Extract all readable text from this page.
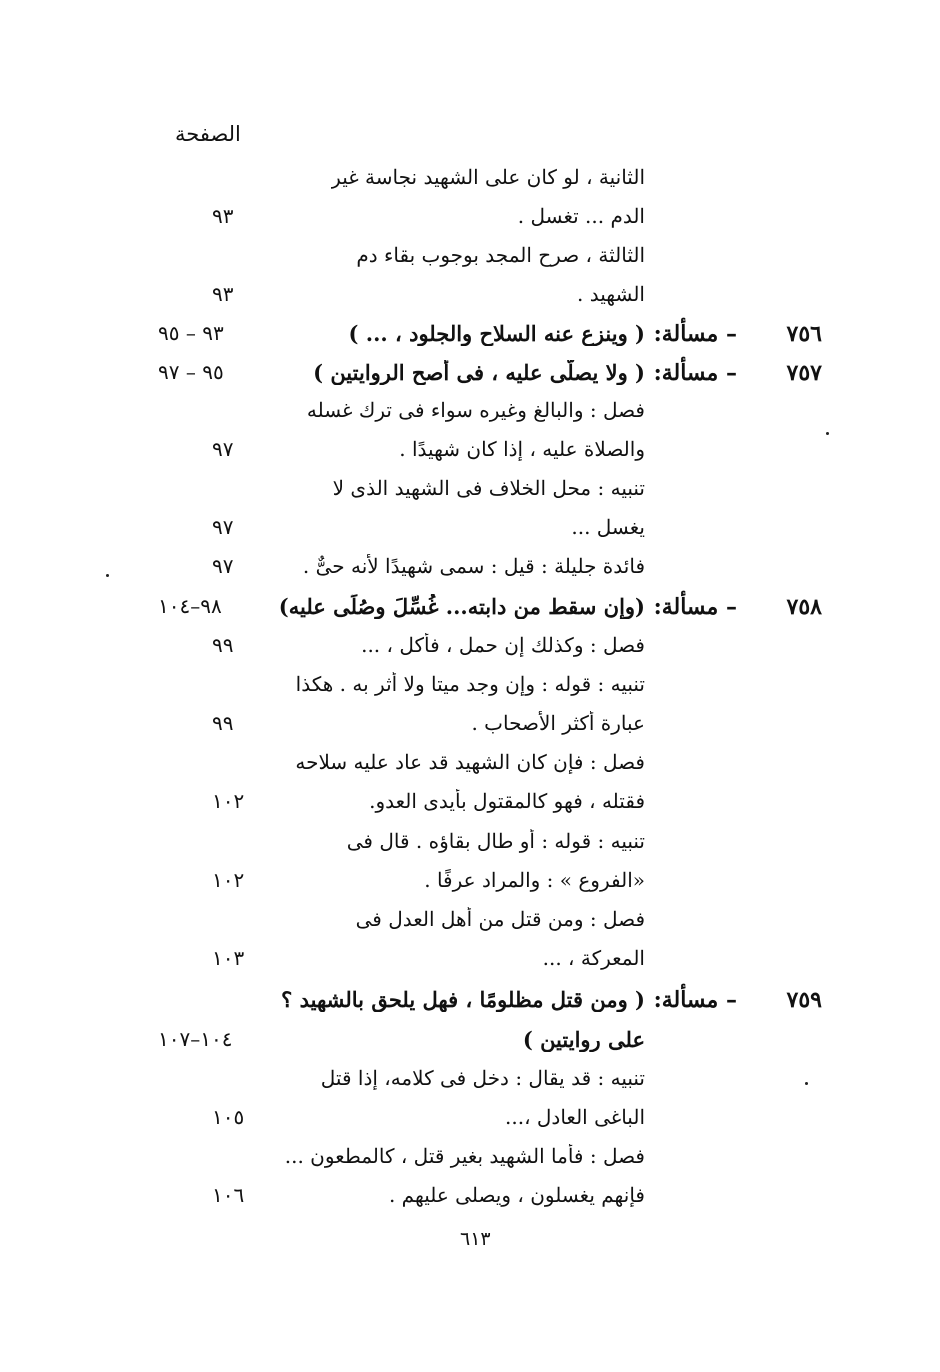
الصفحة
الثانية ، لو كان على الشهيد نجاسة غير
الدم ... تغسل .
٩٣
الثالثة ، صرح المجد بوجوب بقاء دم
الشهيد .
٩٣
٧٥٦
– مسألة:
( وينزع عنه السلاح والجلود ، ... )
٩٣ – ٩٥
٧٥٧
– مسألة:
( ولا يصلَّى عليه ، فى أصح الروايتين )
٩٥ – ٩٧
فصل : والبالغ وغيره سواء فى ترك غسله
والصلاة عليه ، إذا كان شهيدًا .
٩٧
تنبيه : محل الخلاف فى الشهيد الذى لا
يغسل ...
٩٧
فائدة جليلة : قيل : سمى شهيدًا لأنه حىٌّ .
٩٧
٧٥٨
– مسألة:
(وإن سقط من دابته... غُسِّلَ وصُلِّى عليه)
٩٨–١٠٤
فصل : وكذلك إن حمل ، فأكل ، ...
٩٩
تنبيه : قوله : وإن وجد ميتا ولا أثر به . هكذا
عبارة أكثر الأصحاب .
٩٩
فصل : فإن كان الشهيد قد عاد عليه سلاحه
فقتله ، فهو كالمقتول بأيدى العدو.
١٠٢
تنبيه : قوله : أو طال بقاؤه . قال فى
«الفروع » : والمراد عرفًا .
١٠٢
فصل : ومن قتل من أهل العدل فى
المعركة ، ...
١٠٣
٧٥٩
– مسألة:
( ومن قتل مظلومًا ، فهل يلحق بالشهيد ؟
على روايتين )
١٠٤–١٠٧
تنبيه : قد يقال : دخل فى كلامه، إذا قتل
الباغى العادل ،...
١٠٥
فصل : فأما الشهيد بغير قتل ، كالمطعون ...
فإنهم يغسلون ، ويصلى عليهم .
١٠٦
٦١٣
